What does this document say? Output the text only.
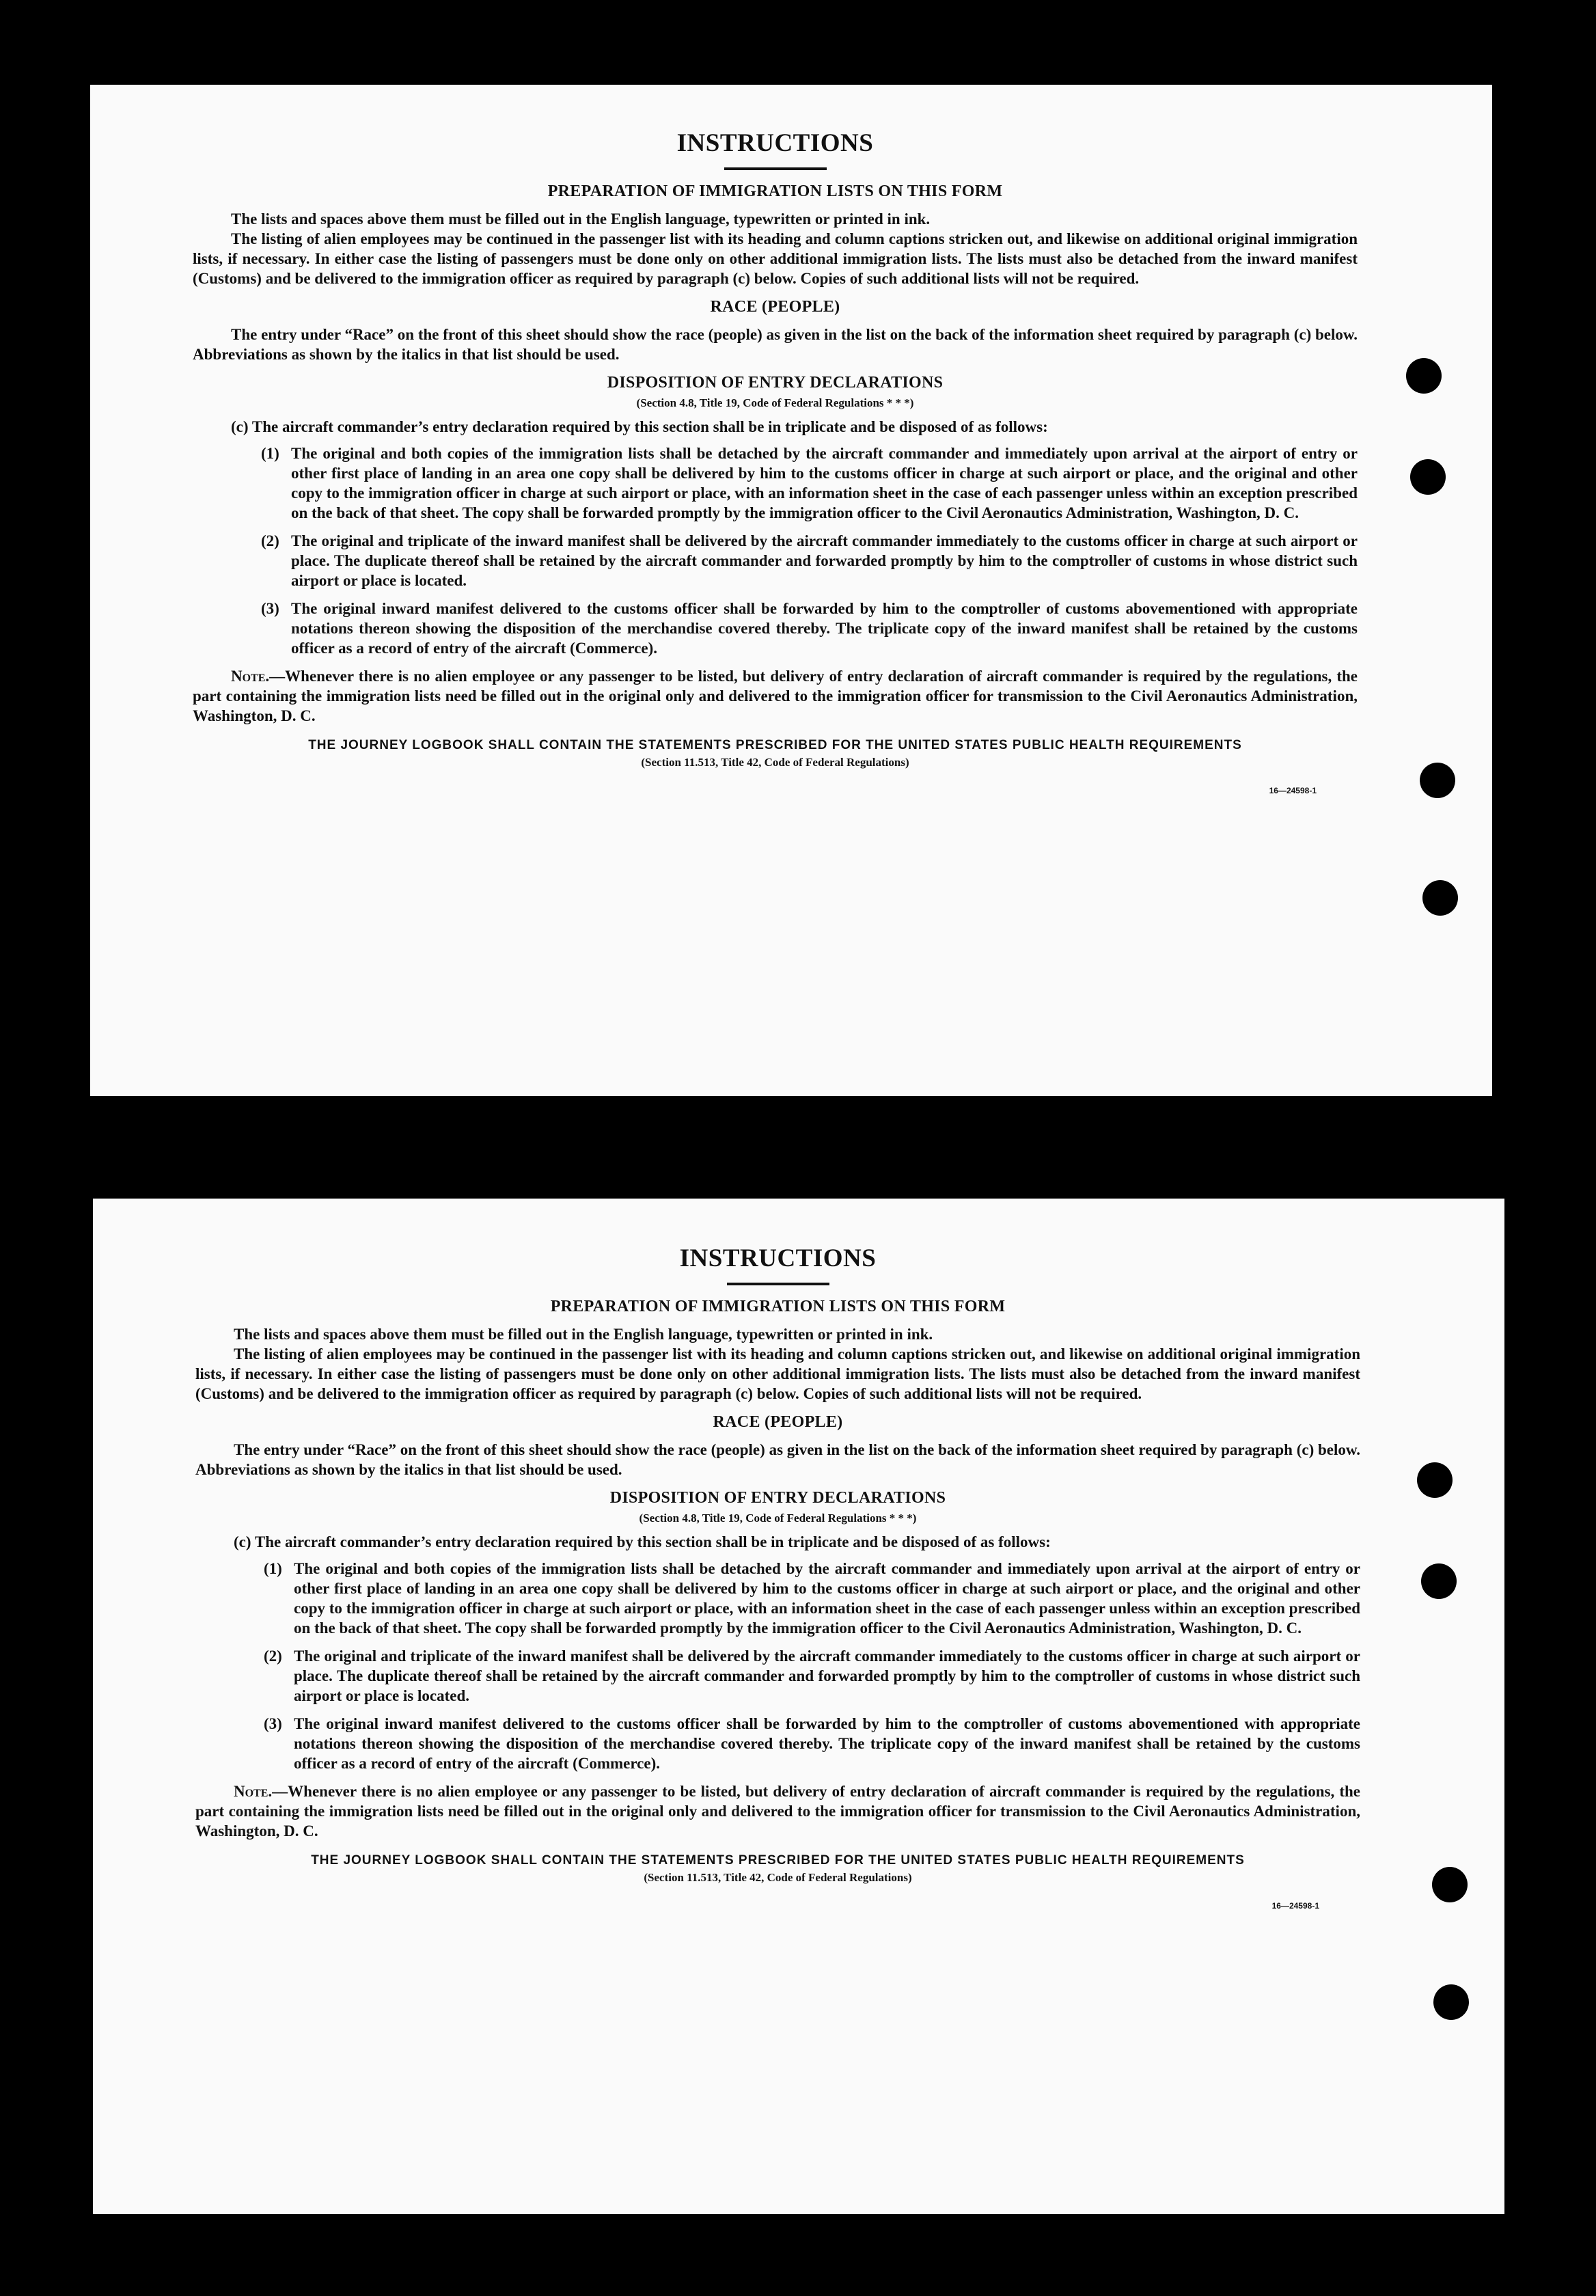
INSTRUCTIONS
PREPARATION OF IMMIGRATION LISTS ON THIS FORM

The lists and spaces above them must be filled out in the English language, typewritten or printed in ink.

The listing of alien employees may be continued in the passenger list with its heading and column captions stricken out, and likewise on additional original immigration lists, if necessary. In either case the listing of passengers must be done only on other additional immigration lists. The lists must also be detached from the inward manifest (Customs) and be delivered to the immigration officer as required by paragraph (c) below. Copies of such additional lists will not be required.

RACE (PEOPLE)

The entry under “Race” on the front of this sheet should show the race (people) as given in the list on the back of the information sheet required by paragraph (c) below. Abbreviations as shown by the italics in that list should be used.

DISPOSITION OF ENTRY DECLARATIONS
(Section 4.8, Title 19, Code of Federal Regulations * * *)
(c) The aircraft commander’s entry declaration required by this section shall be in triplicate and be disposed of as follows:
(1) The original and both copies of the immigration lists shall be detached by the aircraft commander and immediately upon arrival at the airport of entry or other first place of landing in an area one copy shall be delivered by him to the customs officer in charge at such airport or place, and the original and other copy to the immigration officer in charge at such airport or place, with an information sheet in the case of each passenger unless within an exception prescribed on the back of that sheet. The copy shall be forwarded promptly by the immigration officer to the Civil Aeronautics Administration, Washington, D. C.
(2) The original and triplicate of the inward manifest shall be delivered by the aircraft commander immediately to the customs officer in charge at such airport or place. The duplicate thereof shall be retained by the aircraft commander and forwarded promptly by him to the comptroller of customs in whose district such airport or place is located.
(3) The original inward manifest delivered to the customs officer shall be forwarded by him to the comptroller of customs abovementioned with appropriate notations thereon showing the disposition of the merchandise covered thereby. The triplicate copy of the inward manifest shall be retained by the customs officer as a record of entry of the aircraft (Commerce).

Note.—Whenever there is no alien employee or any passenger to be listed, but delivery of entry declaration of aircraft commander is required by the regulations, the part containing the immigration lists need be filled out in the original only and delivered to the immigration officer for transmission to the Civil Aeronautics Administration, Washington, D. C.

THE JOURNEY LOGBOOK SHALL CONTAIN THE STATEMENTS PRESCRIBED FOR THE UNITED STATES PUBLIC HEALTH REQUIREMENTS
(Section 11.513, Title 42, Code of Federal Regulations)
16—24598-1
INSTRUCTIONS
PREPARATION OF IMMIGRATION LISTS ON THIS FORM

The lists and spaces above them must be filled out in the English language, typewritten or printed in ink.

The listing of alien employees may be continued in the passenger list with its heading and column captions stricken out, and likewise on additional original immigration lists, if necessary. In either case the listing of passengers must be done only on other additional immigration lists. The lists must also be detached from the inward manifest (Customs) and be delivered to the immigration officer as required by paragraph (c) below. Copies of such additional lists will not be required.

RACE (PEOPLE)

The entry under “Race” on the front of this sheet should show the race (people) as given in the list on the back of the information sheet required by paragraph (c) below. Abbreviations as shown by the italics in that list should be used.

DISPOSITION OF ENTRY DECLARATIONS
(Section 4.8, Title 19, Code of Federal Regulations * * *)
(c) The aircraft commander’s entry declaration required by this section shall be in triplicate and be disposed of as follows:
(1) The original and both copies of the immigration lists shall be detached by the aircraft commander and immediately upon arrival at the airport of entry or other first place of landing in an area one copy shall be delivered by him to the customs officer in charge at such airport or place, and the original and other copy to the immigration officer in charge at such airport or place, with an information sheet in the case of each passenger unless within an exception prescribed on the back of that sheet. The copy shall be forwarded promptly by the immigration officer to the Civil Aeronautics Administration, Washington, D. C.
(2) The original and triplicate of the inward manifest shall be delivered by the aircraft commander immediately to the customs officer in charge at such airport or place. The duplicate thereof shall be retained by the aircraft commander and forwarded promptly by him to the comptroller of customs in whose district such airport or place is located.
(3) The original inward manifest delivered to the customs officer shall be forwarded by him to the comptroller of customs abovementioned with appropriate notations thereon showing the disposition of the merchandise covered thereby. The triplicate copy of the inward manifest shall be retained by the customs officer as a record of entry of the aircraft (Commerce).

Note.—Whenever there is no alien employee or any passenger to be listed, but delivery of entry declaration of aircraft commander is required by the regulations, the part containing the immigration lists need be filled out in the original only and delivered to the immigration officer for transmission to the Civil Aeronautics Administration, Washington, D. C.

THE JOURNEY LOGBOOK SHALL CONTAIN THE STATEMENTS PRESCRIBED FOR THE UNITED STATES PUBLIC HEALTH REQUIREMENTS
(Section 11.513, Title 42, Code of Federal Regulations)
16—24598-1
